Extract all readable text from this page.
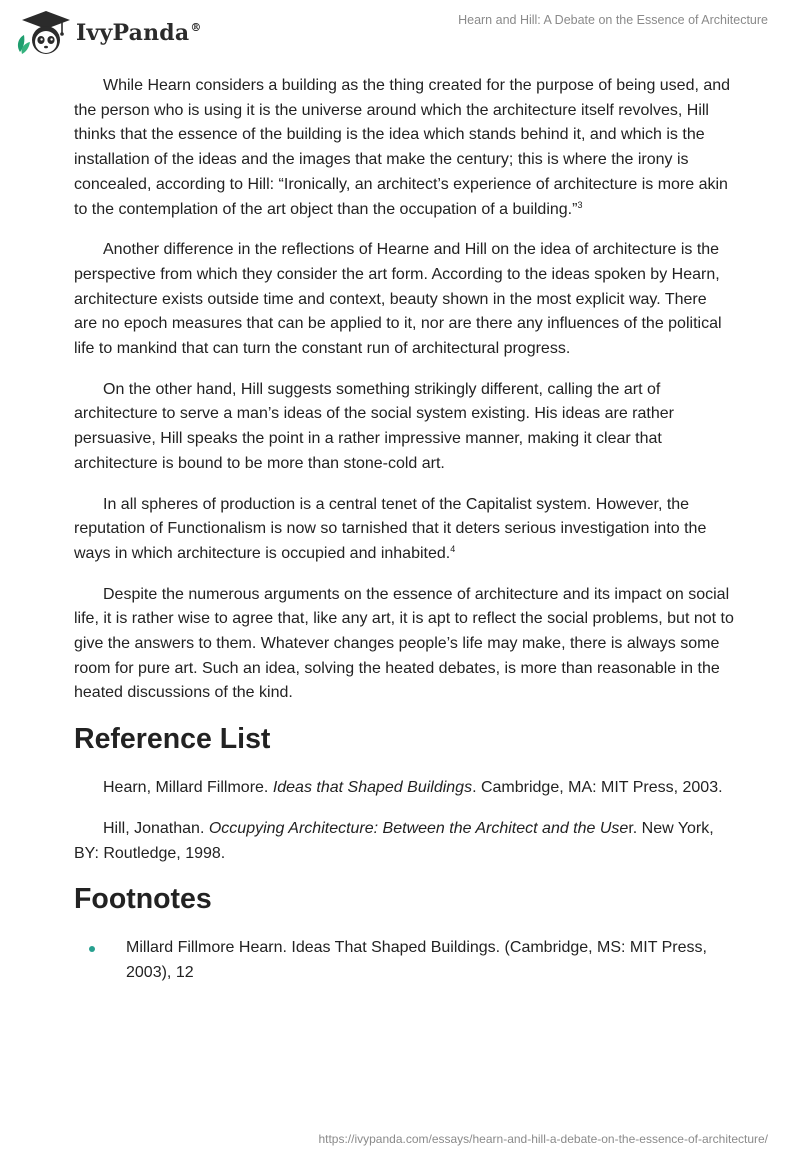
IvyPanda®
Hearn and Hill: A Debate on the Essence of Architecture

While Hearn considers a building as the thing created for the purpose of being used, and the person who is using it is the universe around which the architecture itself revolves, Hill thinks that the essence of the building is the idea which stands behind it, and which is the installation of the ideas and the images that make the century; this is where the irony is concealed, according to Hill: “Ironically, an architect’s experience of architecture is more akin to the contemplation of the art object than the occupation of a building.”$^3$

Another difference in the reflections of Hearne and Hill on the idea of architecture is the perspective from which they consider the art form. According to the ideas spoken by Hearn, architecture exists outside time and context, beauty shown in the most explicit way. There are no epoch measures that can be applied to it, nor are there any influences of the political life to mankind that can turn the constant run of architectural progress.

On the other hand, Hill suggests something strikingly different, calling the art of architecture to serve a man’s ideas of the social system existing. His ideas are rather persuasive, Hill speaks the point in a rather impressive manner, making it clear that architecture is bound to be more than stone-cold art.

In all spheres of production is a central tenet of the Capitalist system. However, the reputation of Functionalism is now so tarnished that it deters serious investigation into the ways in which architecture is occupied and inhabited.$^4$

Despite the numerous arguments on the essence of architecture and its impact on social life, it is rather wise to agree that, like any art, it is apt to reflect the social problems, but not to give the answers to them. Whatever changes people’s life may make, there is always some room for pure art. Such an idea, solving the heated debates, is more than reasonable in the heated discussions of the kind.

Reference List

Hearn, Millard Fillmore. Ideas that Shaped Buildings. Cambridge, MA: MIT Press, 2003.

Hill, Jonathan. Occupying Architecture: Between the Architect and the User. New York, BY: Routledge, 1998.

Footnotes
Millard Fillmore Hearn. Ideas That Shaped Buildings. (Cambridge, MS: MIT Press, 2003), 12
https://ivypanda.com/essays/hearn-and-hill-a-debate-on-the-essence-of-architecture/
